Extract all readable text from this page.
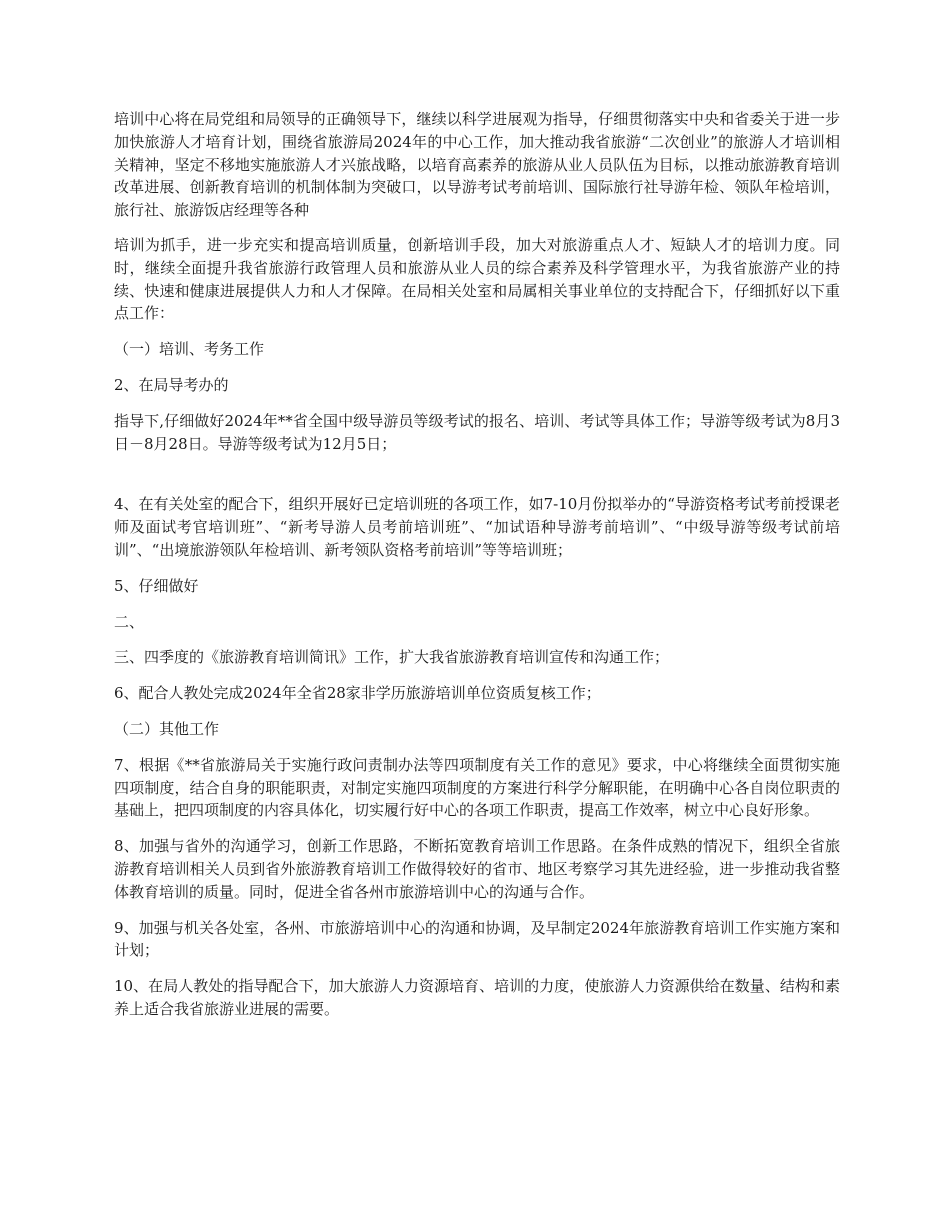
培训中心将在局党组和局领导的正确领导下，继续以科学进展观为指导，仔细贯彻落实中央和省委关于进一步加快旅游人才培育计划，围绕省旅游局2024年的中心工作，加大推动我省旅游“二次创业”的旅游人才培训相关精神，坚定不移地实施旅游人才兴旅战略，以培育高素养的旅游从业人员队伍为目标，以推动旅游教育培训改革进展、创新教育培训的机制体制为突破口，以导游考试考前培训、国际旅行社导游年检、领队年检培训，旅行社、旅游饭店经理等各种

培训为抓手，进一步充实和提高培训质量，创新培训手段，加大对旅游重点人才、短缺人才的培训力度。同时，继续全面提升我省旅游行政管理人员和旅游从业人员的综合素养及科学管理水平，为我省旅游产业的持续、快速和健康进展提供人力和人才保障。在局相关处室和局属相关事业单位的支持配合下，仔细抓好以下重点工作：

（一）培训、考务工作

2、在局导考办的

指导下,仔细做好2024年**省全国中级导游员等级考试的报名、培训、考试等具体工作；导游等级考试为8月3日－8月28日。导游等级考试为12月5日；

4、在有关处室的配合下，组织开展好已定培训班的各项工作，如7-10月份拟举办的“导游资格考试考前授课老师及面试考官培训班”、“新考导游人员考前培训班”、“加试语种导游考前培训”、“中级导游等级考试前培训”、“出境旅游领队年检培训、新考领队资格考前培训”等等培训班；

5、仔细做好

二、

三、四季度的《旅游教育培训简讯》工作，扩大我省旅游教育培训宣传和沟通工作；

6、配合人教处完成2024年全省28家非学历旅游培训单位资质复核工作；

（二）其他工作

7、根据《**省旅游局关于实施行政问责制办法等四项制度有关工作的意见》要求，中心将继续全面贯彻实施四项制度，结合自身的职能职责，对制定实施四项制度的方案进行科学分解职能，在明确中心各自岗位职责的基础上，把四项制度的内容具体化，切实履行好中心的各项工作职责，提高工作效率，树立中心良好形象。

8、加强与省外的沟通学习，创新工作思路，不断拓宽教育培训工作思路。在条件成熟的情况下，组织全省旅游教育培训相关人员到省外旅游教育培训工作做得较好的省市、地区考察学习其先进经验，进一步推动我省整体教育培训的质量。同时，促进全省各州市旅游培训中心的沟通与合作。

9、加强与机关各处室，各州、市旅游培训中心的沟通和协调，及早制定2024年旅游教育培训工作实施方案和计划；

10、在局人教处的指导配合下，加大旅游人力资源培育、培训的力度，使旅游人力资源供给在数量、结构和素养上适合我省旅游业进展的需要。
